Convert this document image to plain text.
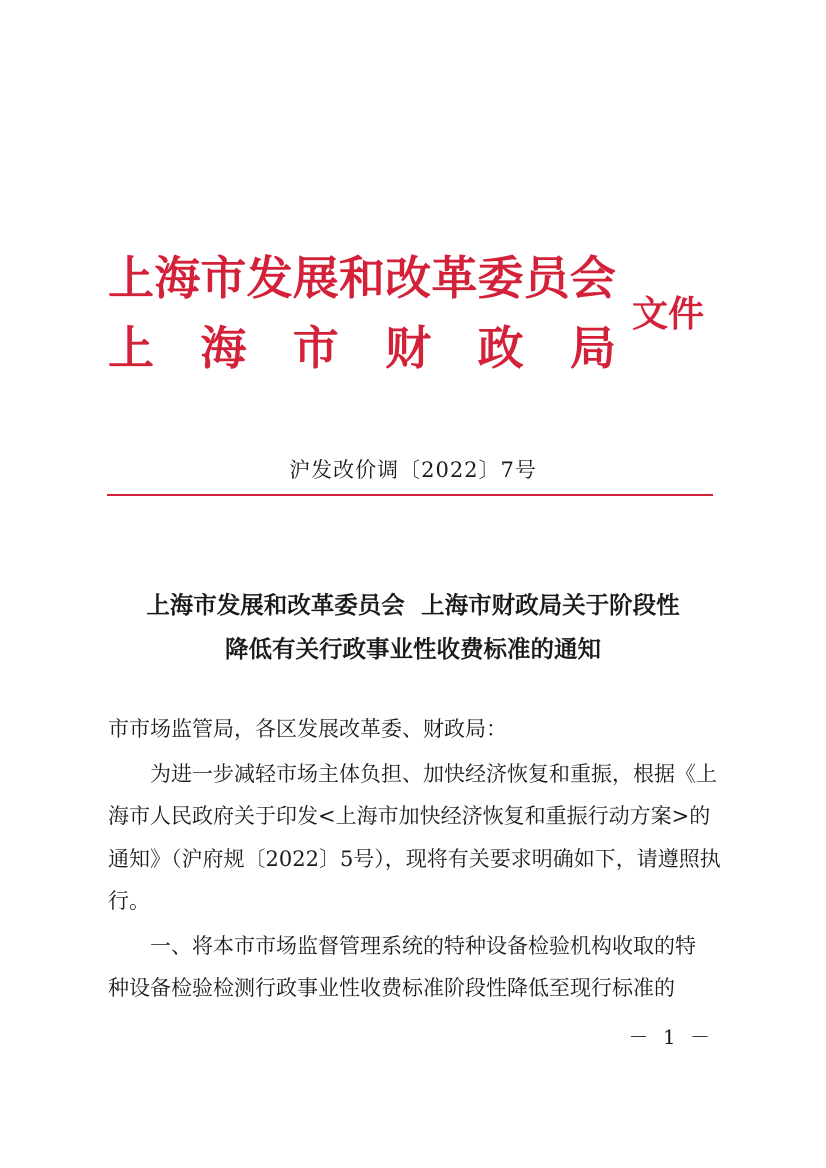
上 海 市 发 展 和 改 革 委 员 会
上 海 市 财 政 局
文件
沪发改价调〔2022〕7号
上海市发展和改革委员会  上海市财政局关于阶段性
降低有关行政事业性收费标准的通知
市市场监管局，各区发展改革委、财政局：
为进一步减轻市场主体负担、加快经济恢复和重振，根据《上
海市人民政府关于印发<上海市加快经济恢复和重振行动方案>的
通知》（沪府规〔2022〕5号），现将有关要求明确如下，请遵照执
行。
一、将本市市场监督管理系统的特种设备检验机构收取的特
种设备检验检测行政事业性收费标准阶段性降低至现行标准的
－ 1 －
